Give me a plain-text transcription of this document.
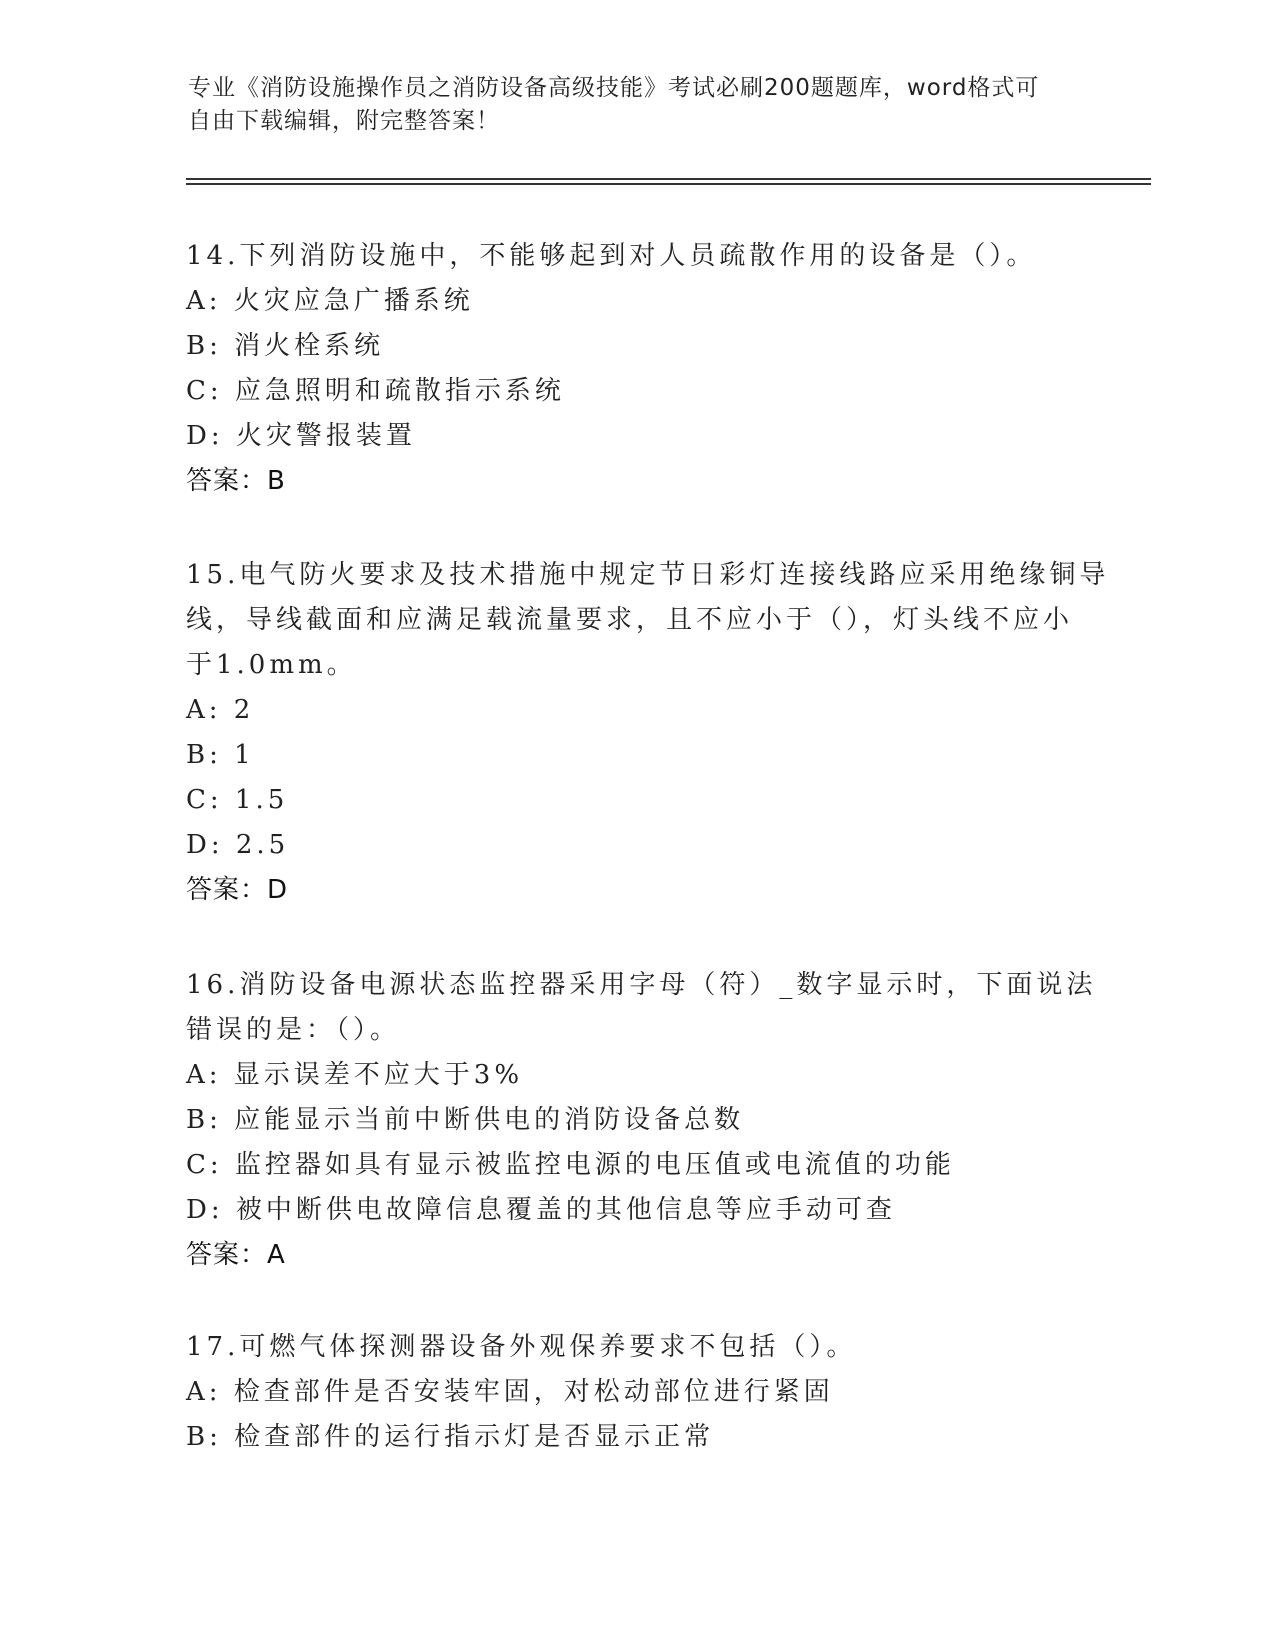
专业《消防设施操作员之消防设备高级技能》考试必刷200题题库，word格式可
自由下载编辑，附完整答案！
14.下列消防设施中，不能够起到对人员疏散作用的设备是（）。
A: 火灾应急广播系统
B: 消火栓系统
C: 应急照明和疏散指示系统
D: 火灾警报装置
答案：B
15.电气防火要求及技术措施中规定节日彩灯连接线路应采用绝缘铜导
线，导线截面和应满足载流量要求，且不应小于（），灯头线不应小
于1.0mm。
A: 2
B: 1
C: 1.5
D: 2.5
答案：D
16.消防设备电源状态监控器采用字母（符）_数字显示时，下面说法
错误的是：（）。
A: 显示误差不应大于3%
B: 应能显示当前中断供电的消防设备总数
C: 监控器如具有显示被监控电源的电压值或电流值的功能
D: 被中断供电故障信息覆盖的其他信息等应手动可查
答案：A
17.可燃气体探测器设备外观保养要求不包括（）。
A: 检查部件是否安装牢固，对松动部位进行紧固
B: 检查部件的运行指示灯是否显示正常
